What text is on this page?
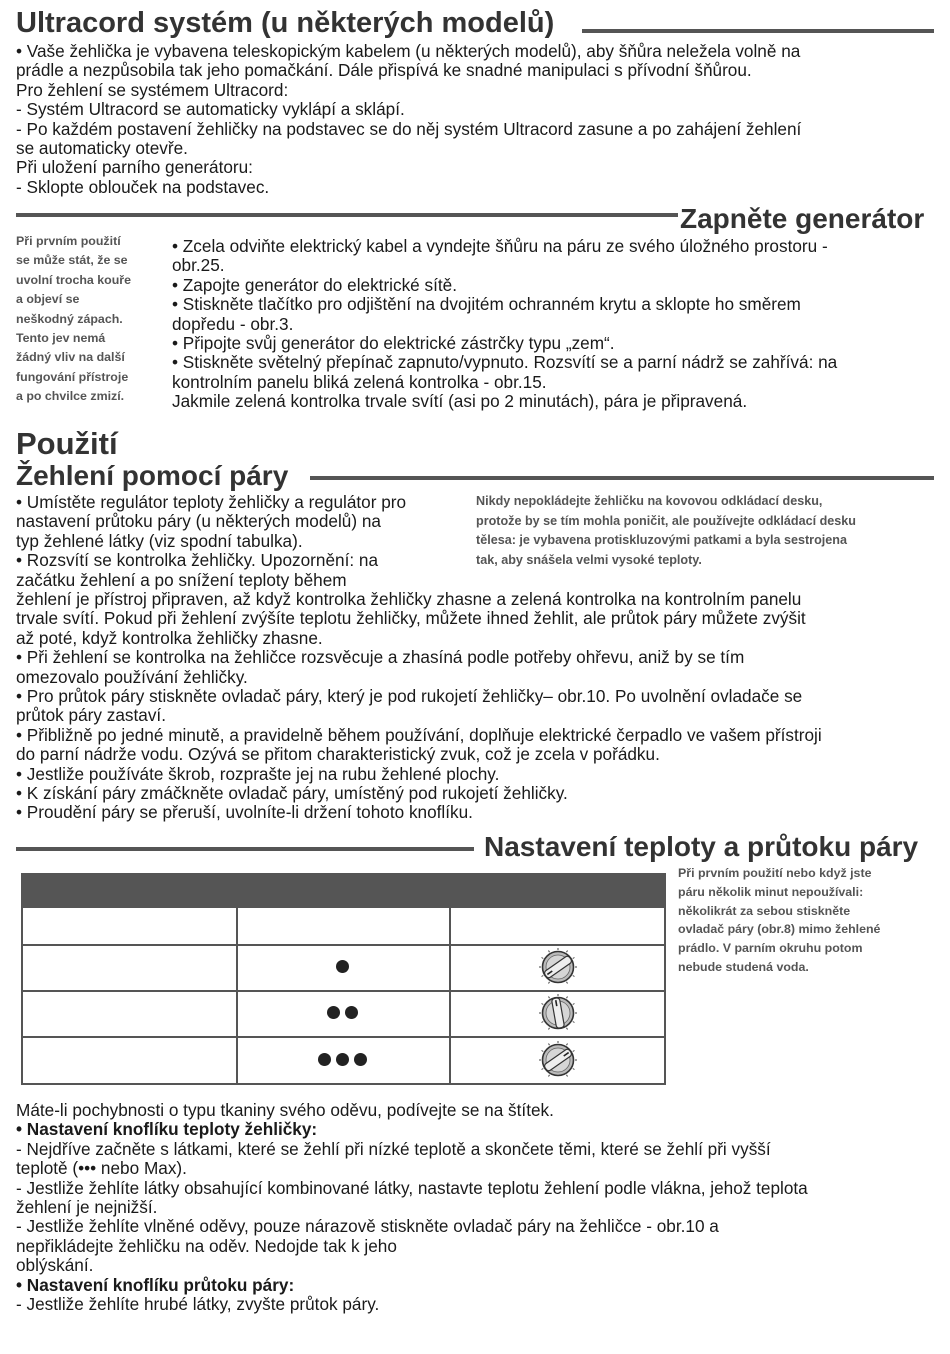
Ultracord systém (u některých modelů)
• Vaše žehlička je vybavena teleskopickým kabelem (u některých modelů), aby šňůra neležela volně na
prádle a nezpůsobila tak jeho pomačkání. Dále přispívá ke snadné manipulaci s přívodní šňůrou.
Pro žehlení se systémem Ultracord:
- Systém Ultracord se automaticky vyklápí a sklápí.
- Po každém postavení žehličky na podstavec se do něj systém Ultracord zasune a po zahájení žehlení
se automaticky otevře.
Při uložení parního generátoru:
- Sklopte oblouček na podstavec.
Zapněte generátor
Při prvním použití
se může stát, že se
uvolní trocha kouře
a objeví se
neškodný zápach.
Tento jev nemá
žádný vliv na další
fungování přístroje
a po chvilce zmizí.
• Zcela odviňte elektrický kabel a vyndejte šňůru na páru ze svého úložného prostoru -
obr.25.
• Zapojte generátor do elektrické sítě.
• Stiskněte tlačítko pro odjištění na dvojitém ochranném krytu a sklopte ho směrem
dopředu - obr.3.
• Připojte svůj generátor do elektrické zástrčky typu „zem“.
• Stiskněte světelný přepínač zapnuto/vypnuto. Rozsvítí se a parní nádrž se zahřívá: na
kontrolním panelu bliká zelená kontrolka - obr.15.
Jakmile zelená kontrolka trvale svítí (asi po 2 minutách), pára je připravená.
Použití
Žehlení pomocí páry
Nikdy nepokládejte žehličku na kovovou odkládací desku,
protože by se tím mohla poničit, ale používejte odkládací desku
tělesa: je vybavena protiskluzovými patkami a byla sestrojena
tak, aby snášela velmi vysoké teploty.
• Umístěte regulátor teploty žehličky a regulátor pro
nastavení průtoku páry (u některých modelů) na
typ žehlené látky (viz spodní tabulka).
• Rozsvítí se kontrolka žehličky. Upozornění: na
začátku žehlení a po snížení teploty během
žehlení je přístroj připraven, až když kontrolka žehličky zhasne a zelená kontrolka na kontrolním panelu
trvale svítí. Pokud při žehlení zvýšíte teplotu žehličky, můžete ihned žehlit, ale průtok páry můžete zvýšit
až poté, když kontrolka žehličky zhasne.
• Při žehlení se kontrolka na žehličce rozsvěcuje a zhasíná podle potřeby ohřevu, aniž by se tím
omezovalo používání žehličky.
• Pro průtok páry stiskněte ovladač páry, který je pod rukojetí žehličky– obr.10. Po uvolnění ovladače se
průtok páry zastaví.
• Přibližně po jedné minutě, a pravidelně během používání, doplňuje elektrické čerpadlo ve vašem přístroji
do parní nádrže vodu. Ozývá se přitom charakteristický zvuk, což je zcela v pořádku.
• Jestliže používáte škrob, rozprašte jej na rubu žehlené plochy.
• K získání páry zmáčkněte ovladač páry, umístěný pod rukojetí žehličky.
• Proudění páry se přeruší, uvolníte-li držení tohoto knoflíku.
Nastavení teploty a průtoku páry
Při prvním použití nebo když jste
páru několik minut nepoužívali:
několikrát za sebou stiskněte
ovladač páry (obr.8) mimo žehlené
prádlo. V parním okruhu potom
nebude studená voda.
Máte-li pochybnosti o typu tkaniny svého oděvu, podívejte se na štítek.
• Nastavení knoflíku teploty žehličky:
- Nejdříve začněte s látkami, které se žehlí při nízké teplotě a skončete těmi, které se žehlí při vyšší
teplotě (••• nebo Max).
- Jestliže žehlíte látky obsahující kombinované látky, nastavte teplotu žehlení podle vlákna, jehož teplota
žehlení je nejnižší.
- Jestliže žehlíte vlněné oděvy, pouze nárazově stiskněte ovladač páry na žehličce - obr.10 a
nepřikládejte žehličku na oděv. Nedojde tak k jeho
oblýskání.
• Nastavení knoflíku průtoku páry:
- Jestliže žehlíte hrubé látky, zvyšte průtok páry.
